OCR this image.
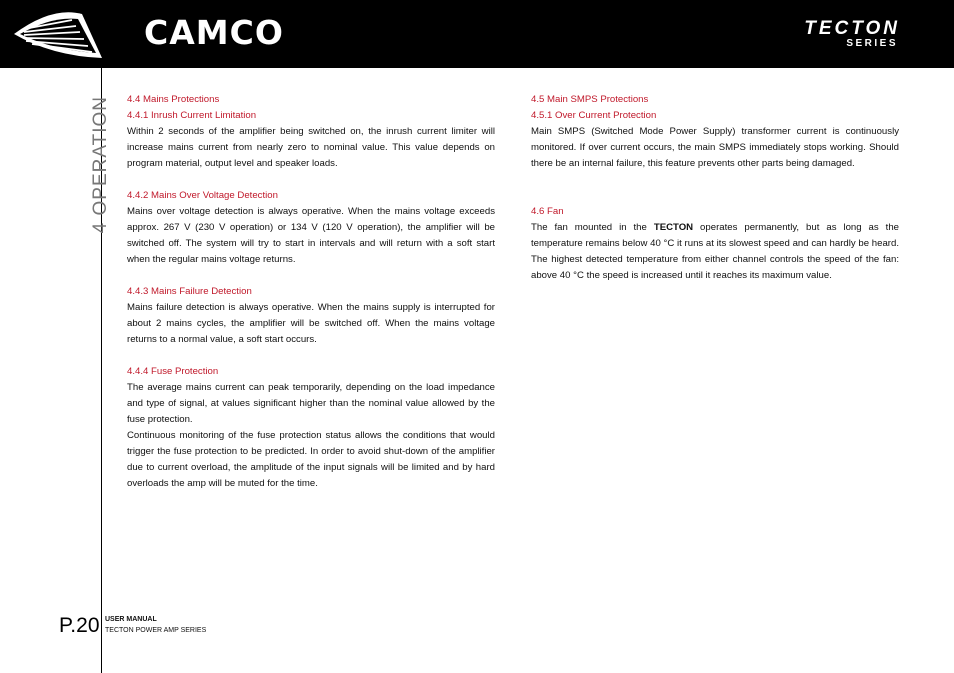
CAMCO	TECTON
SERIES
4 OPERATION 4.4 Mains Protections
4.4.1 Inrush Current Limitation
Within 2 seconds of the amplifier being switched on, the inrush current limiter will increase mains current from nearly zero to nominal value. This value depends on program material, output level and speaker loads.
4.4.2 Mains Over Voltage Detection
Mains over voltage detection is always operative. When the mains voltage exceeds approx. 267 V (230 V operation) or 134 V (120 V operation), the amplifier will be switched off. The system will try to start in intervals and will return with a soft start when the regular mains voltage returns.
4.4.3 Mains Failure Detection
Mains failure detection is always operative. When the mains supply is interrupted for about 2 mains cycles, the amplifier will be switched off. When the mains voltage returns to a normal value, a soft start occurs.
4.4.4 Fuse Protection
The average mains current can peak temporarily, depending on the load impedance and type of signal, at values significant higher than the nominal value allowed by the fuse protection.
Continuous monitoring of the fuse protection status allows the conditions that would trigger the fuse protection to be predicted. In order to avoid shut-down of the amplifier due to current overload, the amplitude of the input signals will be limited and by hard overloads the amp will be muted for the time.
4.5 Main SMPS Protections
4.5.1 Over Current Protection
Main SMPS (Switched Mode Power Supply) transformer current is continuously monitored. If over current occurs, the main SMPS immediately stops working. Should there be an internal failure, this feature prevents other parts being damaged.
4.6 Fan
The fan mounted in the TECTON operates permanently, but as long as the temperature remains below 40 °C it runs at its slowest speed and can hardly be heard. The highest detected temperature from either channel controls the speed of the fan: above 40 °C the speed is increased until it reaches its maximum value.
P.20 USER MANUAL
TECTON POWER AMP SERIES
